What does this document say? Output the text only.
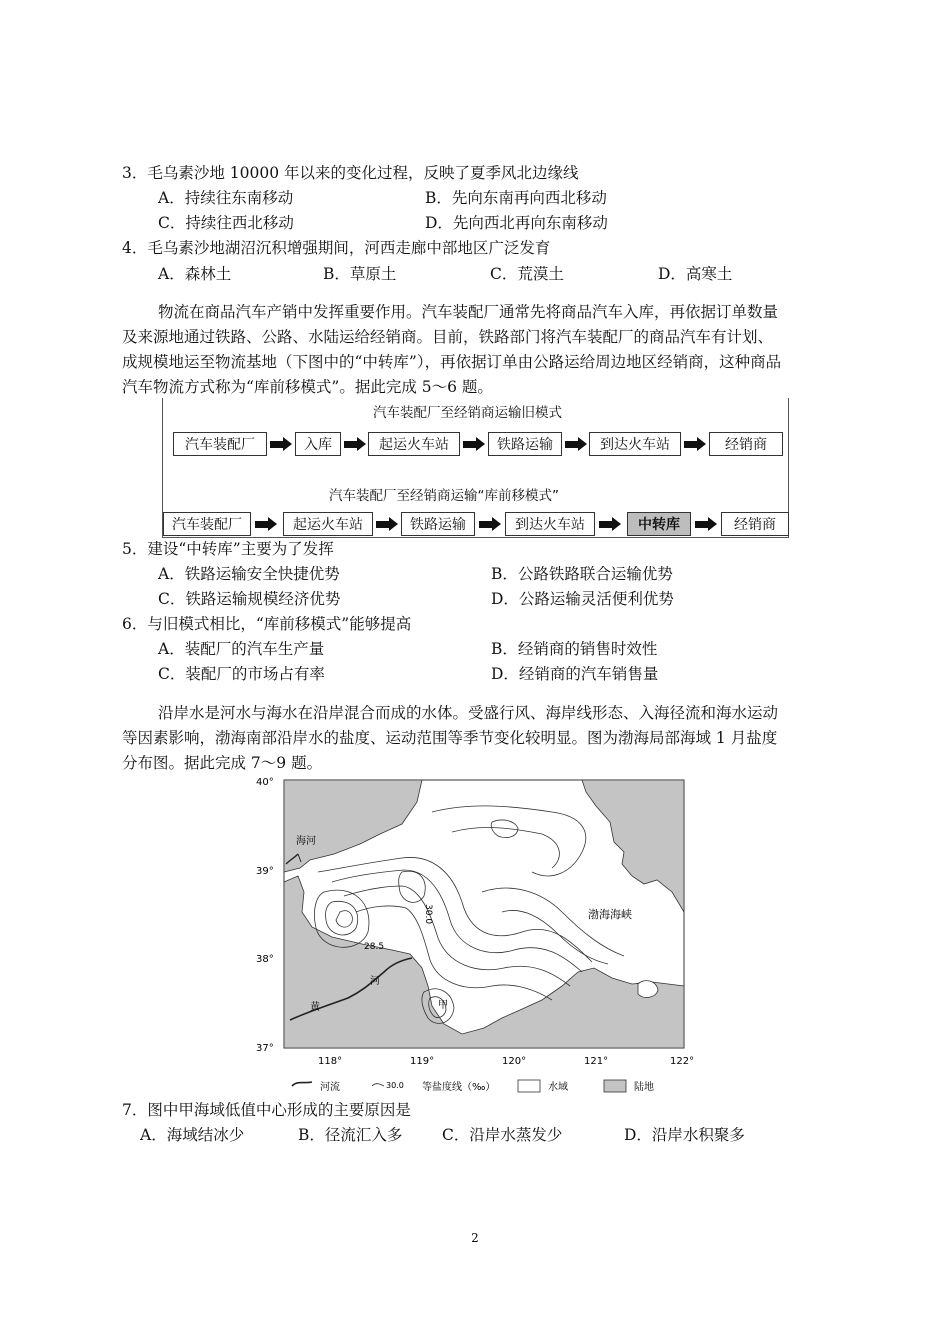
3．毛乌素沙地 10000 年以来的变化过程，反映了夏季风北边缘线
A．持续往东南移动	B．先向东南再向西北移动
C．持续往西北移动	D．先向西北再向东南移动
4．毛乌素沙地湖沼沉积增强期间，河西走廊中部地区广泛发育
A．森林土	B．草原土	C．荒漠土	D．高寒土
物流在商品汽车产销中发挥重要作用。汽车装配厂通常先将商品汽车入库，再依据订单数量
及来源地通过铁路、公路、水陆运给经销商。目前，铁路部门将汽车装配厂的商品汽车有计划、
成规模地运至物流基地（下图中的“中转库”），再依据订单由公路运给周边地区经销商，这种商品
汽车物流方式称为“库前移模式”。据此完成 5～6 题。
汽车装配厂至经销商运输旧模式
汽车装配厂	入库	起运火车站	铁路运输	到达火车站	经销商
汽车装配厂至经销商运输“库前移模式”
汽车装配厂	起运火车站	铁路运输	到达火车站	中转库	经销商
5．建设“中转库”主要为了发挥
A．铁路运输安全快捷优势	B．公路铁路联合运输优势
C．铁路运输规模经济优势	D．公路运输灵活便利优势
6．与旧模式相比，“库前移模式”能够提高
A．装配厂的汽车生产量	B．经销商的销售时效性
C．装配厂的市场占有率	D．经销商的汽车销售量
沿岸水是河水与海水在沿岸混合而成的水体。受盛行风、海岸线形态、入海径流和海水运动
等因素影响，渤海南部沿岸水的盐度、运动范围等季节变化较明显。图为渤海局部海域 1 月盐度
分布图。据此完成 7～9 题。
30.0
28.5
海河
渤海海峡
河
黄	甲
40°
39°
38°
37°
118°	119°	120°	121°	122°
河流	30.0 等盐度线（‰）	水域	陆地
7．图中甲海域低值中心形成的主要原因是
A．海域结冰少	B．径流汇入多	C．沿岸水蒸发少	D．沿岸水积聚多
2
